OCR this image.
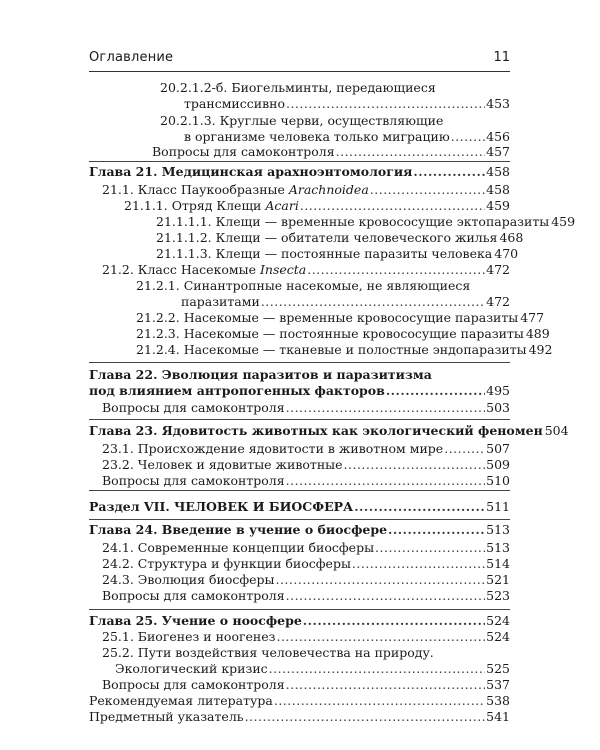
Оглавление	11
20.2.1.2-б. Биогельминты, передающиеся
трансмиссивно .....	453
20.2.1.3. Круглые черви, осуществляющие
в организме человека только миграцию .....	456
Вопросы для самоконтроля .....	457
Глава 21. Медицинская арахноэнтомология .....	458
21.1. Класс Паукообразные Arachnoidea .....	458
21.1.1. Отряд Клещи Acari .....	459
21.1.1.1. Клещи — временные кровососущие эктопаразиты 459
21.1.1.2. Клещи — обитатели человеческого жилья 468
21.1.1.3. Клещи — постоянные паразиты человека 470
21.2. Класс Насекомые Insecta .....	472
21.2.1. Синантропные насекомые, не являющиеся
паразитами .....	472
21.2.2. Насекомые — временные кровососущие паразиты 477
21.2.3. Насекомые — постоянные кровососущие паразиты 489
21.2.4. Насекомые — тканевые и полостные эндопаразиты 492
Глава 22. Эволюция паразитов и паразитизма
под влиянием антропогенных факторов .....	495
Вопросы для самоконтроля .....	503
Глава 23. Ядовитость животных как экологический феномен 504
23.1. Происхождение ядовитости в животном мире .....	507
23.2. Человек и ядовитые животные .....	509
Вопросы для самоконтроля .....	510
Раздел VII. ЧЕЛОВЕК И БИОСФЕРА .....	511
Глава 24. Введение в учение о биосфере .....	513
24.1. Современные концепции биосферы .....	513
24.2. Структура и функции биосферы .....	514
24.3. Эволюция биосферы .....	521
Вопросы для самоконтроля .....	523
Глава 25. Учение о ноосфере .....	524
25.1. Биогенез и ноогенез .....	524
25.2. Пути воздействия человечества на природу.
Экологический кризис .....	525
Вопросы для самоконтроля .....	537
Рекомендуемая литература .....	538
Предметный указатель .....	541
